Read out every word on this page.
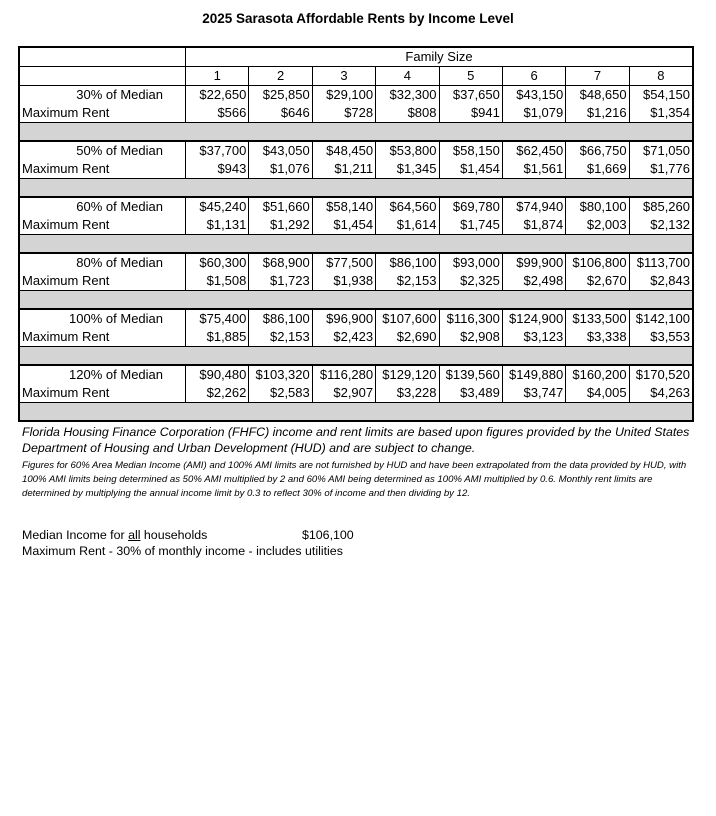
2025 Sarasota Affordable Rents by Income Level
Family Size
1	2	3	4	5	6	7	8
30% of Median	$22,650	$25,850	$29,100	$32,300	$37,650	$43,150	$48,650	$54,150
Maximum Rent	$566	$646	$728	$808	$941	$1,079	$1,216	$1,354
50% of Median	$37,700	$43,050	$48,450	$53,800	$58,150	$62,450	$66,750	$71,050
Maximum Rent	$943	$1,076	$1,211	$1,345	$1,454	$1,561	$1,669	$1,776
60% of Median	$45,240	$51,660	$58,140	$64,560	$69,780	$74,940	$80,100	$85,260
Maximum Rent	$1,131	$1,292	$1,454	$1,614	$1,745	$1,874	$2,003	$2,132
80% of Median	$60,300	$68,900	$77,500	$86,100	$93,000	$99,900 $106,800 $113,700
Maximum Rent	$1,508	$1,723	$1,938	$2,153	$2,325	$2,498	$2,670	$2,843
100% of Median	$75,400	$86,100	$96,900 $107,600 $116,300 $124,900 $133,500 $142,100
Maximum Rent	$1,885	$2,153	$2,423	$2,690	$2,908	$3,123	$3,338	$3,553
120% of Median	$90,480 $103,320 $116,280 $129,120 $139,560 $149,880 $160,200 $170,520
Maximum Rent	$2,262	$2,583	$2,907	$3,228	$3,489	$3,747	$4,005	$4,263
Florida Housing Finance Corporation (FHFC) income and rent limits are based upon figures provided by the United States Department of Housing and Urban Development (HUD) and are subject to change.
Figures for 60% Area Median Income (AMI) and 100% AMI limits are not furnished by HUD and have been extrapolated from the data provided by HUD, with 100% AMI limits being determined as 50% AMI multiplied by 2 and 60% AMI being determined as 100% AMI multiplied by 0.6. Monthly rent limits are determined by multiplying the annual income limit by 0.3 to reflect 30% of income and then dividing by 12.
Median Income for all households	$106,100
Maximum Rent - 30% of monthly income - includes utilities
